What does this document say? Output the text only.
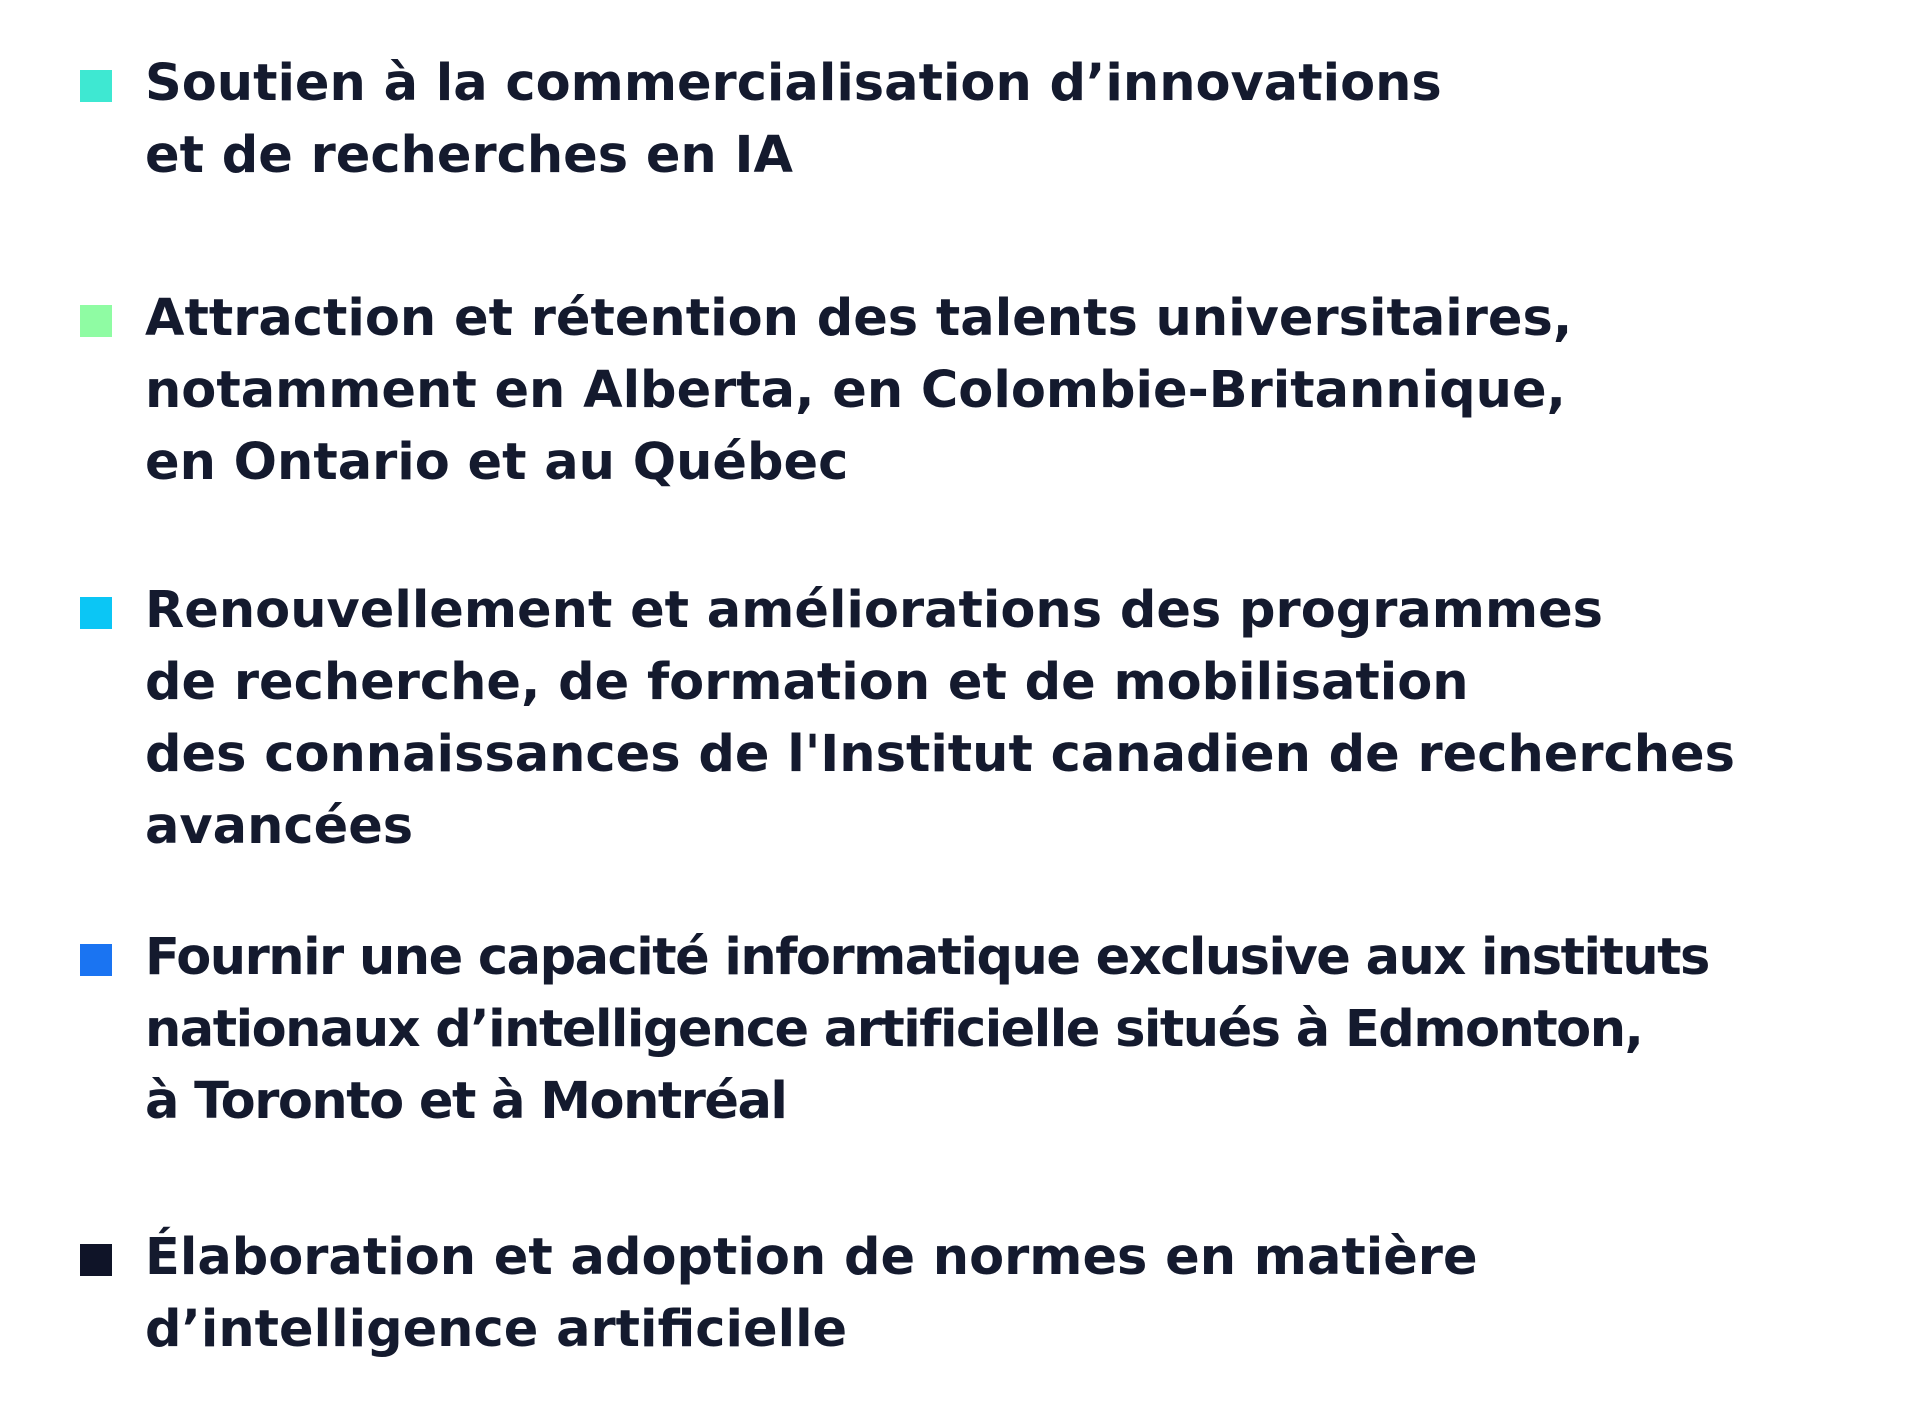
Soutien à la commercialisation d’innovations
et de recherches en IA
Attraction et rétention des talents universitaires,
notamment en Alberta, en Colombie-Britannique,
en Ontario et au Québec
Renouvellement et améliorations des programmes
de recherche, de formation et de mobilisation
des connaissances de l'Institut canadien de recherches
avancées
Fournir une capacité informatique exclusive aux instituts
nationaux d’intelligence artificielle situés à Edmonton,
à Toronto et à Montréal
Élaboration et adoption de normes en matière
d’intelligence artificielle
